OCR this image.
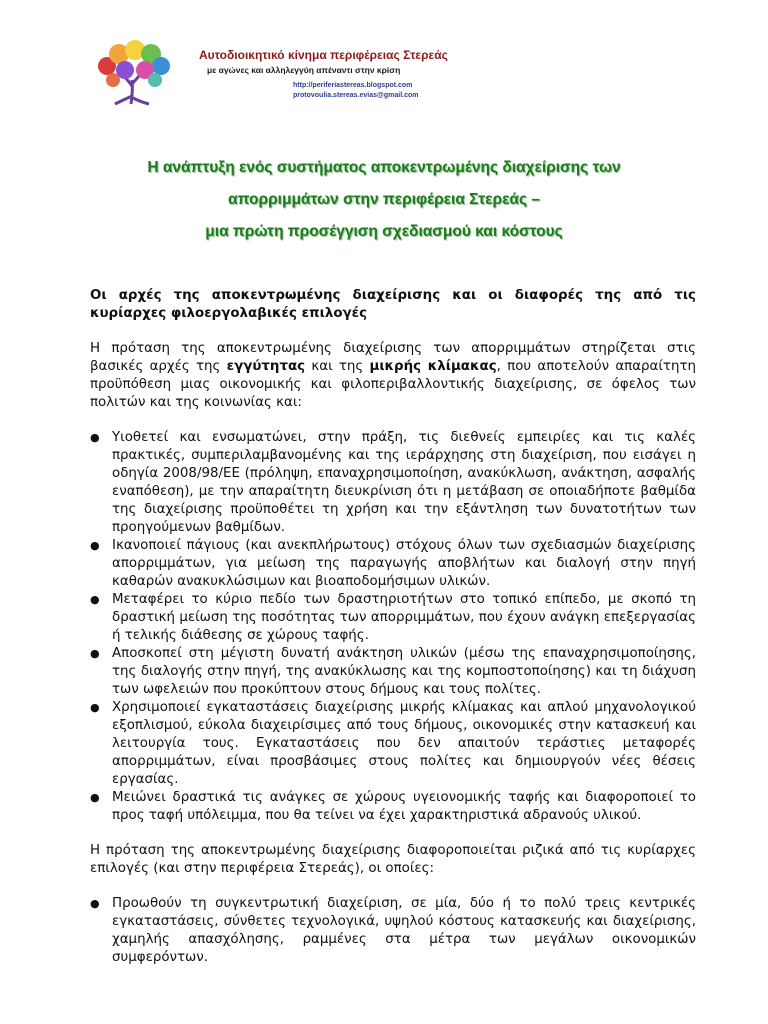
Αυτοδιοικητικό κίνημα περιφέρειας Στερεάς
με αγώνες και αλληλεγγύη απέναντι στην κρίση
http://periferiastereas.blogspot.com
protovoulia.stereas.evias@gmail.com
Η ανάπτυξη ενός συστήματος αποκεντρωμένης διαχείρισης των
απορριμμάτων στην περιφέρεια Στερεάς –
μια πρώτη προσέγγιση σχεδιασμού και κόστους

Οι αρχές της αποκεντρωμένης διαχείρισης και οι διαφορές της από τις κυρίαρχες φιλοεργολαβικές επιλογές

Η πρόταση της αποκεντρωμένης διαχείρισης των απορριμμάτων στηρίζεται στις βασικές αρχές της εγγύτητας και της μικρής κλίμακας, που αποτελούν απαραίτητη προϋπόθεση μιας οικονομικής και φιλοπεριβαλλοντικής διαχείρισης, σε όφελος των πολιτών και της κοινωνίας και:

● Υιοθετεί και ενσωματώνει, στην πράξη, τις διεθνείς εμπειρίες και τις καλές πρακτικές, συμπεριλαμβανομένης και της ιεράρχησης στη διαχείριση, που εισάγει η οδηγία 2008/98/ΕΕ (πρόληψη, επαναχρησιμοποίηση, ανακύκλωση, ανάκτηση, ασφαλής εναπόθεση), με την απαραίτητη διευκρίνιση ότι η μετάβαση σε οποιαδήποτε βαθμίδα της διαχείρισης προϋποθέτει τη χρήση και την εξάντληση των δυνατοτήτων των προηγούμενων βαθμίδων.
● Ικανοποιεί πάγιους (και ανεκπλήρωτους) στόχους όλων των σχεδιασμών διαχείρισης απορριμμάτων, για μείωση της παραγωγής αποβλήτων και διαλογή στην πηγή καθαρών ανακυκλώσιμων και βιοαποδομήσιμων υλικών.
● Μεταφέρει το κύριο πεδίο των δραστηριοτήτων στο τοπικό επίπεδο, με σκοπό τη δραστική μείωση της ποσότητας των απορριμμάτων, που έχουν ανάγκη επεξεργασίας ή τελικής διάθεσης σε χώρους ταφής.
● Αποσκοπεί στη μέγιστη δυνατή ανάκτηση υλικών (μέσω της επαναχρησιμοποίησης, της διαλογής στην πηγή, της ανακύκλωσης και της κομποστοποίησης) και τη διάχυση των ωφελειών που προκύπτουν στους δήμους και τους πολίτες.
● Χρησιμοποιεί εγκαταστάσεις διαχείρισης μικρής κλίμακας και απλού μηχανολογικού εξοπλισμού, εύκολα διαχειρίσιμες από τους δήμους, οικονομικές στην κατασκευή και λειτουργία τους. Εγκαταστάσεις που δεν απαιτούν τεράστιες μεταφορές απορριμμάτων, είναι προσβάσιμες στους πολίτες και δημιουργούν νέες θέσεις εργασίας.
● Μειώνει δραστικά τις ανάγκες σε χώρους υγειονομικής ταφής και διαφοροποιεί το προς ταφή υπόλειμμα, που θα τείνει να έχει χαρακτηριστικά αδρανούς υλικού.

Η πρόταση της αποκεντρωμένης διαχείρισης διαφοροποιείται ριζικά από τις κυρίαρχες επιλογές (και στην περιφέρεια Στερεάς), οι οποίες:

● Προωθούν τη συγκεντρωτική διαχείριση, σε μία, δύο ή το πολύ τρεις κεντρικές εγκαταστάσεις, σύνθετες τεχνολογικά, υψηλού κόστους κατασκευής και διαχείρισης, χαμηλής απασχόλησης, ραμμένες στα μέτρα των μεγάλων οικονομικών συμφερόντων.
